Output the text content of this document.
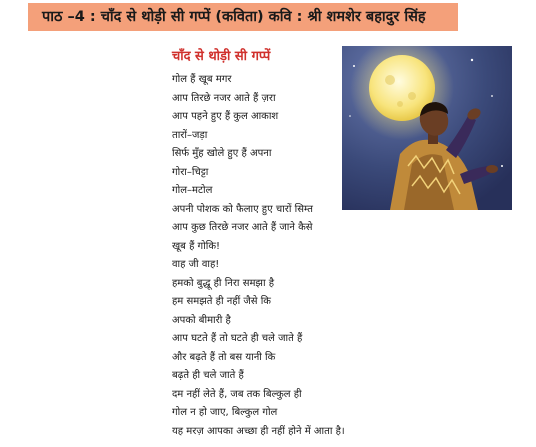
पाठ –4 : चाँद से थोड़ी सी गप्पें (कविता) कवि : श्री शमशेर बहादुर सिंह
चाँद से थोड़ी सी गप्पें
गोल हैं खूब मगर
आप तिरछे नजर आते हैं ज़रा
आप पहने हुए हैं कुल आकाश
तारों–जड़ा
सिर्फ मुँह खोले हुए हैं अपना
गोरा–चिट्टा
गोल–मटोल
अपनी पोशक को फैलाए हुए चारों सिम्त
आप कुछ तिरछे नजर आते हैं जाने कैसे
खूब हैं गोकि!
वाह जी वाह!
हमको बुद्धू ही निरा समझा है
हम समझते ही नहीं जैसे कि
अपको बीमारी है
आप घटते हैं तो घटते ही चले जाते हैं
और बढ़ते हैं तो बस यानी कि
बढ़ते ही चले जाते हैं
दम नहीं लेते हैं, जब तक बिल्कुल ही
गोल न हो जाए, बिल्कुल गोल
यह मरज़ आपका अच्छा ही नहीं होने में आता है।
